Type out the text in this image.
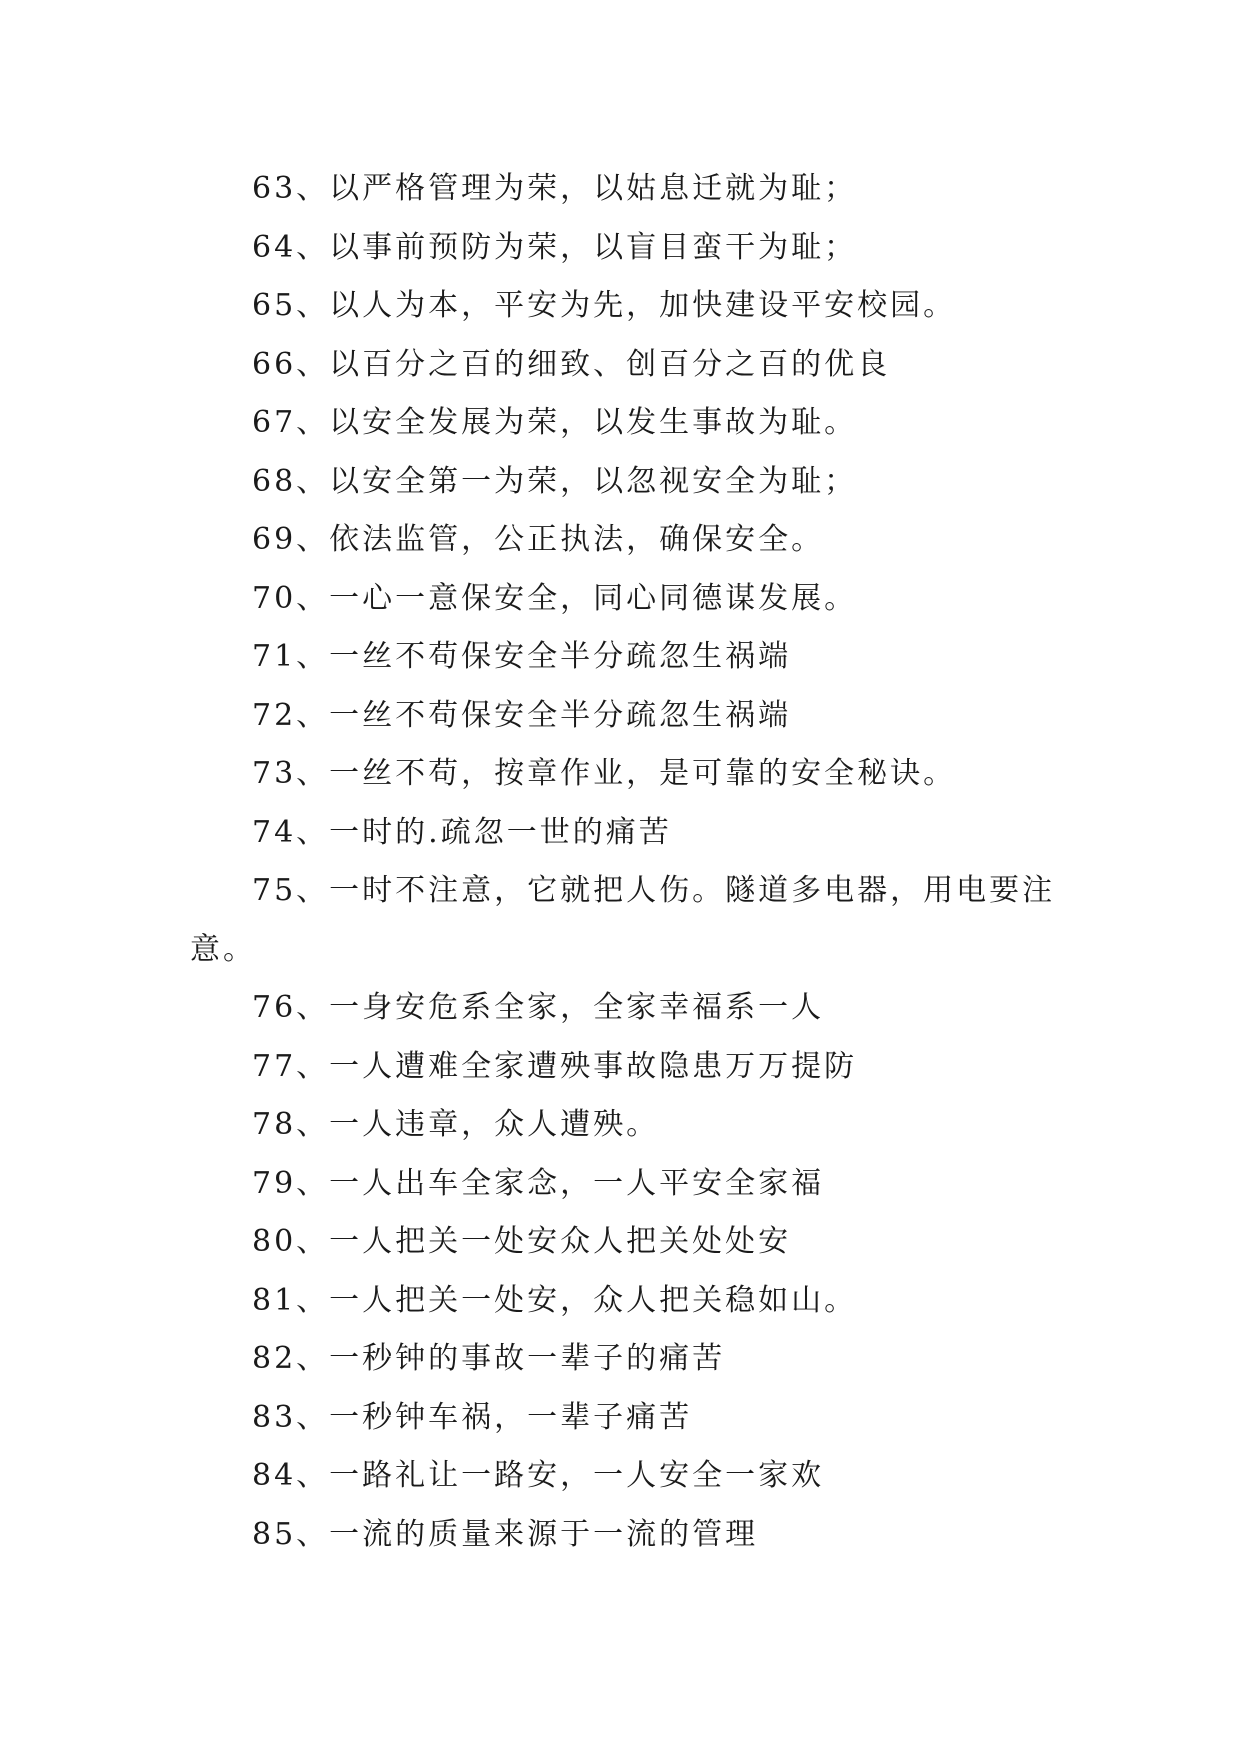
63、以严格管理为荣，以姑息迁就为耻；

64、以事前预防为荣，以盲目蛮干为耻；

65、以人为本，平安为先，加快建设平安校园。

66、以百分之百的细致、创百分之百的优良

67、以安全发展为荣，以发生事故为耻。

68、以安全第一为荣，以忽视安全为耻；

69、依法监管，公正执法，确保安全。

70、一心一意保安全，同心同德谋发展。

71、一丝不苟保安全半分疏忽生祸端

72、一丝不苟保安全半分疏忽生祸端

73、一丝不苟，按章作业，是可靠的安全秘诀。

74、一时的.疏忽一世的痛苦

75、一时不注意，它就把人伤。隧道多电器，用电要注意。

76、一身安危系全家，全家幸福系一人

77、一人遭难全家遭殃事故隐患万万提防

78、一人违章，众人遭殃。

79、一人出车全家念，一人平安全家福

80、一人把关一处安众人把关处处安

81、一人把关一处安，众人把关稳如山。

82、一秒钟的事故一辈子的痛苦

83、一秒钟车祸，一辈子痛苦

84、一路礼让一路安，一人安全一家欢

85、一流的质量来源于一流的管理
